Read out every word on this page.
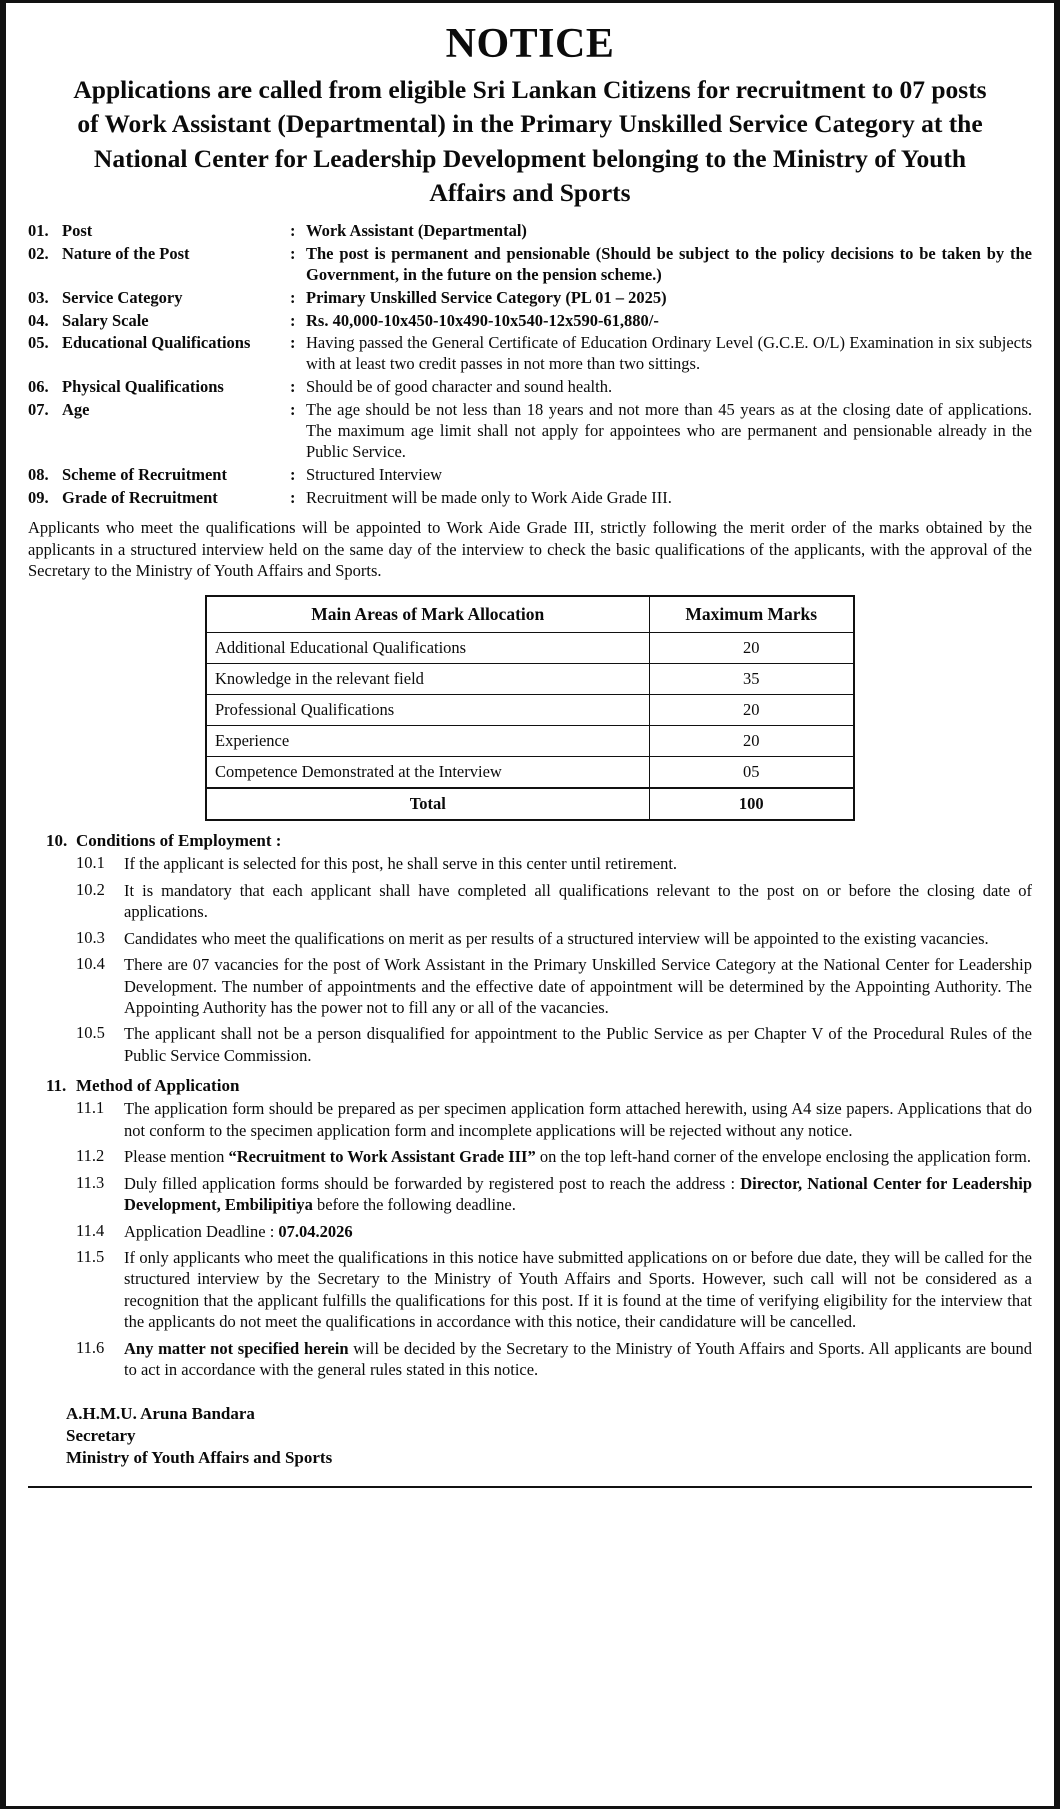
NOTICE
Applications are called from eligible Sri Lankan Citizens for recruitment to 07 posts of Work Assistant (Departmental) in the Primary Unskilled Service Category at the National Center for Leadership Development belonging to the Ministry of Youth Affairs and Sports
01.	Post	:	Work Assistant (Departmental)
02.	Nature of the Post	:	The post is permanent and pensionable (Should be subject to the policy decisions to be taken by the Government, in the future on the pension scheme.)
03.	Service Category	:	Primary Unskilled Service Category (PL 01 – 2025)
04.	Salary Scale	:	Rs. 40,000-10x450-10x490-10x540-12x590-61,880/-
05.	Educational Qualifications	:	Having passed the General Certificate of Education Ordinary Level (G.C.E. O/L) Examination in six subjects with at least two credit passes in not more than two sittings.
06.	Physical Qualifications	:	Should be of good character and sound health.
07.	Age	:	The age should be not less than 18 years and not more than 45 years as at the closing date of applications. The maximum age limit shall not apply for appointees who are permanent and pensionable already in the Public Service.
08.	Scheme of Recruitment	:	Structured Interview
09.	Grade of Recruitment	:	Recruitment will be made only to Work Aide Grade III.

Applicants who meet the qualifications will be appointed to Work Aide Grade III, strictly following the merit order of the marks obtained by the applicants in a structured interview held on the same day of the interview to check the basic qualifications of the applicants, with the approval of the Secretary to the Ministry of Youth Affairs and Sports.

Main Areas of Mark Allocation	Maximum Marks
Additional Educational Qualifications	20
Knowledge in the relevant field	35
Professional Qualifications	20
Experience	20
Competence Demonstrated at the Interview	05
Total	100
10. Conditions of Employment :
10.1	If the applicant is selected for this post, he shall serve in this center until retirement.
10.2	It is mandatory that each applicant shall have completed all qualifications relevant to the post on or before the closing date of applications.
10.3	Candidates who meet the qualifications on merit as per results of a structured interview will be appointed to the existing vacancies.
10.4	There are 07 vacancies for the post of Work Assistant in the Primary Unskilled Service Category at the National Center for Leadership Development. The number of appointments and the effective date of appointment will be determined by the Appointing Authority. The Appointing Authority has the power not to fill any or all of the vacancies.
10.5	The applicant shall not be a person disqualified for appointment to the Public Service as per Chapter V of the Procedural Rules of the Public Service Commission.
11. Method of Application
11.1	The application form should be prepared as per specimen application form attached herewith, using A4 size papers. Applications that do not conform to the specimen application form and incomplete applications will be rejected without any notice.
11.2	Please mention “Recruitment to Work Assistant Grade III” on the top left-hand corner of the envelope enclosing the application form.
11.3	Duly filled application forms should be forwarded by registered post to reach the address : Director, National Center for Leadership Development, Embilipitiya before the following deadline.
11.4	Application Deadline : 07.04.2026
11.5	If only applicants who meet the qualifications in this notice have submitted applications on or before due date, they will be called for the structured interview by the Secretary to the Ministry of Youth Affairs and Sports. However, such call will not be considered as a recognition that the applicant fulfills the qualifications for this post. If it is found at the time of verifying eligibility for the interview that the applicants do not meet the qualifications in accordance with this notice, their candidature will be cancelled.
11.6	Any matter not specified herein will be decided by the Secretary to the Ministry of Youth Affairs and Sports. All applicants are bound to act in accordance with the general rules stated in this notice.
A.H.M.U. Aruna Bandara
Secretary
Ministry of Youth Affairs and Sports
